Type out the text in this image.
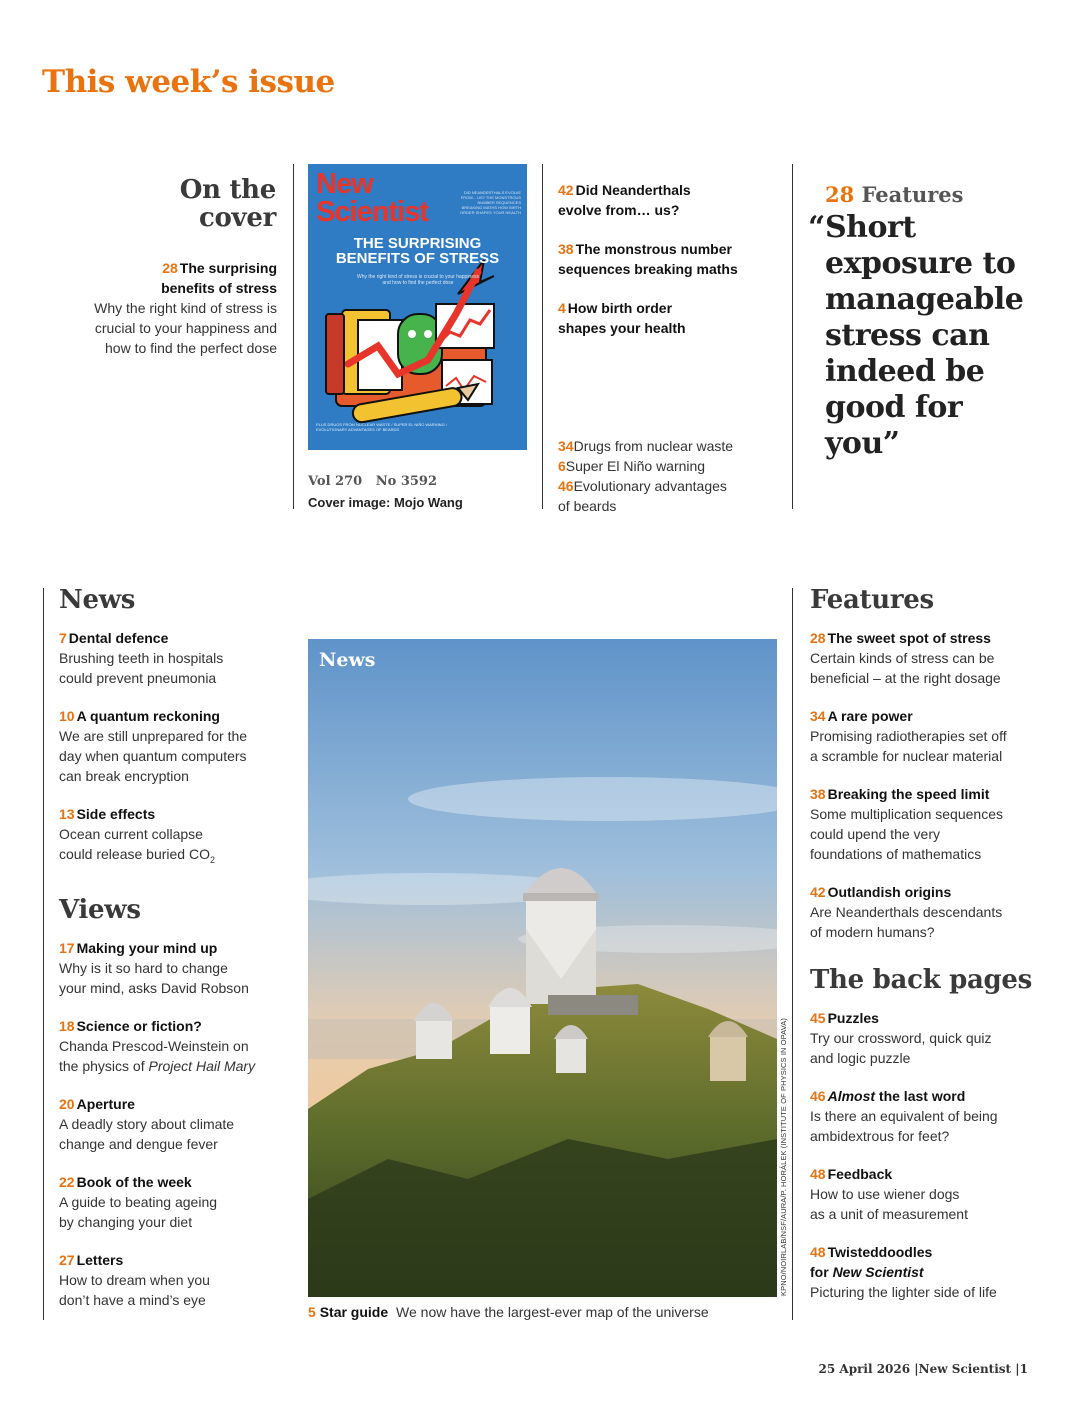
This week’s issue
On the
cover
28 The surprising
benefits of stress
Why the right kind of stress is
crucial to your happiness and
how to find the perfect dose
New
Scientist
DID NEANDERTHALS EVOLVE FROM... US? THE MONSTROUS NUMBER SEQUENCES BREAKING MATHS HOW BIRTH ORDER SHAPES YOUR HEALTH
THE SURPRISING
BENEFITS OF STRESS
Why the right kind of stress is crucial to your happiness and how to find the perfect dose
PLUS DRUGS FROM NUCLEAR WASTE / SUPER EL NIÑO WARNING / EVOLUTIONARY ADVANTAGES OF BEARDS
Vol 270 No 3592
Cover image: Mojo Wang
42 Did Neanderthals
evolve from… us?
38 The monstrous number
sequences breaking maths
4 How birth order
shapes your health
34Drugs from nuclear waste
6Super El Niño warning
46Evolutionary advantages
of beards
28 Features
“ Short exposure to manageable stress can indeed be good for you”
News
7 Dental defence
Brushing teeth in hospitals
could prevent pneumonia
10 A quantum reckoning
We are still unprepared for the
day when quantum computers
can break encryption
13 Side effects
Ocean current collapse
could release buried $CO_2$
Views
17 Making your mind up
Why is it so hard to change
your mind, asks David Robson
18 Science or fiction?
Chanda Prescod-Weinstein on
the physics of Project Hail Mary
20 Aperture
A deadly story about climate
change and dengue fever
22 Book of the week
A guide to beating ageing
by changing your diet
27 Letters
How to dream when you
don’t have a mind’s eye
News
KPNO/NOIRLAB/NSF/AURA/P. HORÁLEK (INSTITUTE OF PHYSICS IN OPAVA)
5 Star guide We now have the largest-ever map of the universe
Features
28 The sweet spot of stress
Certain kinds of stress can be
beneficial – at the right dosage
34 A rare power
Promising radiotherapies set off
a scramble for nuclear material
38 Breaking the speed limit
Some multiplication sequences
could upend the very
foundations of mathematics
42 Outlandish origins
Are Neanderthals descendants
of modern humans?
The back pages
45 Puzzles
Try our crossword, quick quiz
and logic puzzle
46 Almost the last word
Is there an equivalent of being
ambidextrous for feet?
48 Feedback
How to use wiener dogs
as a unit of measurement
48 Twisteddoodles
for New Scientist
Picturing the lighter side of life
25 April 2026 |New Scientist |1
